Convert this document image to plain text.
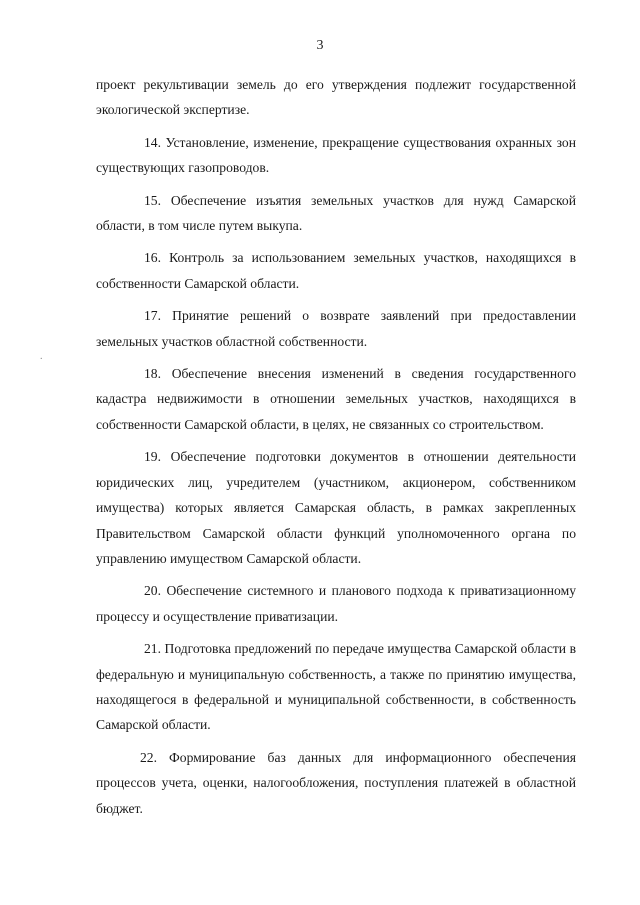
3
.

проект рекультивации земель до его утверждения подлежит государственной экологической экспертизе.

14. Установление, изменение, прекращение существования охранных зон существующих газопроводов.

15. Обеспечение изъятия земельных участков для нужд Самарской области, в том числе путем выкупа.

16. Контроль за использованием земельных участков, находящихся в собственности Самарской области.

17. Принятие решений о возврате заявлений при предоставлении земельных участков областной собственности.

18. Обеспечение внесения изменений в сведения государственного кадастра недвижимости в отношении земельных участков, находящихся в собственности Самарской области, в целях, не связанных со строительством.

19. Обеспечение подготовки документов в отношении деятельности юридических лиц, учредителем (участником, акционером, собственником имущества) которых является Самарская область, в рамках закрепленных Правительством Самарской области функций уполномоченного органа по управлению имуществом Самарской области.

20. Обеспечение системного и планового подхода к приватизационному процессу и осуществление приватизации.

21. Подготовка предложений по передаче имущества Самарской области в федеральную и муниципальную собственность, а также по принятию имущества, находящегося в федеральной и муниципальной собственности, в собственность Самарской области.

22. Формирование баз данных для информационного обеспечения процессов учета, оценки, налогообложения, поступления платежей в областной бюджет.
